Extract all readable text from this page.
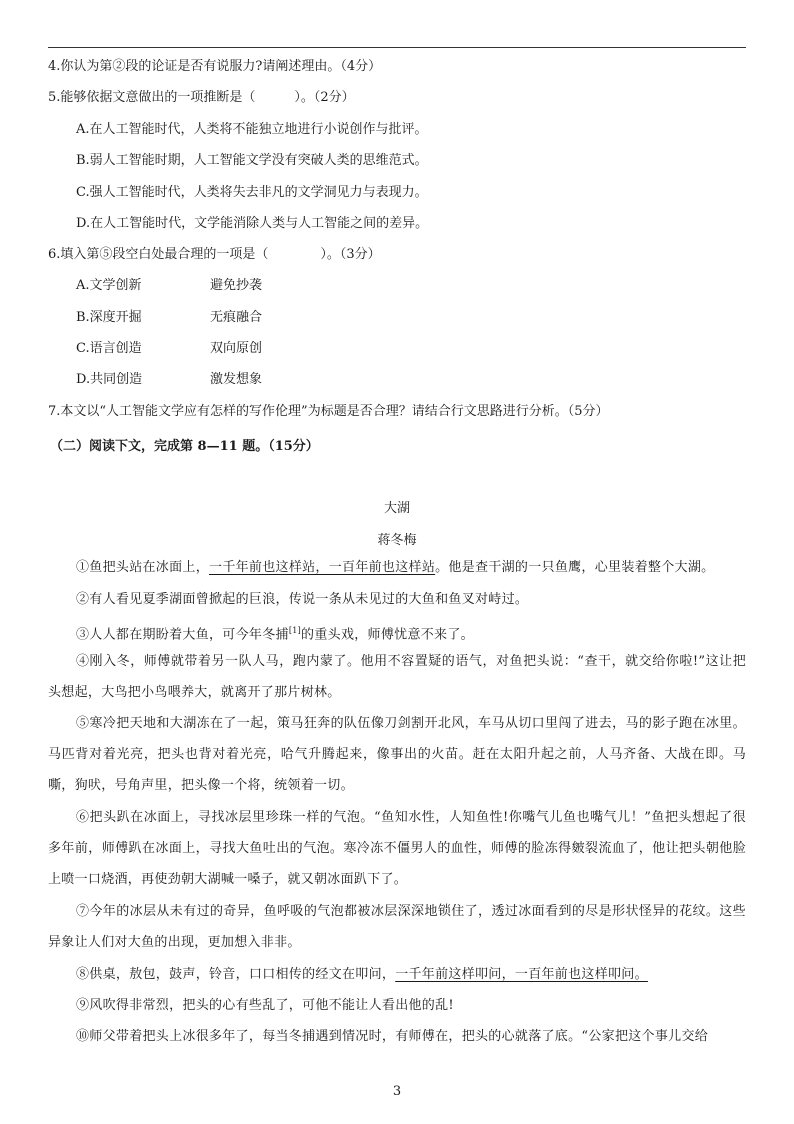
4.你认为第②段的论证是否有说服力?请阐述理由。（4分）
5.能够依据文意做出的一项推断是（　　　）。（2分）
A.在人工智能时代，人类将不能独立地进行小说创作与批评。
B.弱人工智能时期，人工智能文学没有突破人类的思维范式。
C.强人工智能时代，人类将失去非凡的文学洞见力与表现力。
D.在人工智能时代，文学能消除人类与人工智能之间的差异。
6.填入第⑤段空白处最合理的一项是（　　　　）。（3分）
A.文学创新	避免抄袭
B.深度开掘	无痕融合
C.语言创造	双向原创
D.共同创造	激发想象
7.本文以“人工智能文学应有怎样的写作伦理”为标题是否合理？请结合行文思路进行分析。（5分）
（二）阅读下文，完成第 8—11 题。（15分）
大湖
蒋冬梅
①鱼把头站在冰面上，一千年前也这样站，一百年前也这样站。他是查干湖的一只鱼鹰，心里装着整个大湖。
②有人看见夏季湖面曾掀起的巨浪，传说一条从未见过的大鱼和鱼叉对峙过。
③人人都在期盼着大鱼，可今年冬捕[1]的重头戏，师傅忧意不来了。
④刚入冬，师傅就带着另一队人马，跑内蒙了。他用不容置疑的语气，对鱼把头说：“查干，就交给你啦!”这让把头想起，大鸟把小鸟喂养大，就离开了那片树林。
⑤寒冷把天地和大湖冻在了一起，策马狂奔的队伍像刀剑割开北风，车马从切口里闯了进去，马的影子跑在冰里。马匹背对着光亮，把头也背对着光亮，哈气升腾起来，像事出的火苗。赶在太阳升起之前，人马齐备、大战在即。马嘶，狗吠，号角声里，把头像一个将，统领着一切。
⑥把头趴在冰面上，寻找冰层里珍珠一样的气泡。“鱼知水性，人知鱼性!你嘴气儿鱼也嘴气儿！”鱼把头想起了很多年前，师傅趴在冰面上，寻找大鱼吐出的气泡。寒冷冻不僵男人的血性，师傅的脸冻得皴裂流血了，他让把头朝他脸上喷一口烧酒，再使劲朝大湖喊一嗓子，就又朝冰面趴下了。
⑦今年的冰层从未有过的奇异，鱼呼吸的气泡都被冰层深深地锁住了，透过冰面看到的尽是形状怪异的花纹。这些异象让人们对大鱼的出现，更加想入非非。
⑧供桌，敖包，鼓声，铃音，口口相传的经文在叩问，一千年前这样叩问，一百年前也这样叩问。
⑨风吹得非常烈，把头的心有些乱了，可他不能让人看出他的乱!
⑩师父带着把头上冰很多年了，每当冬捕遇到情况时，有师傅在，把头的心就落了底。“公家把这个事儿交给
3
